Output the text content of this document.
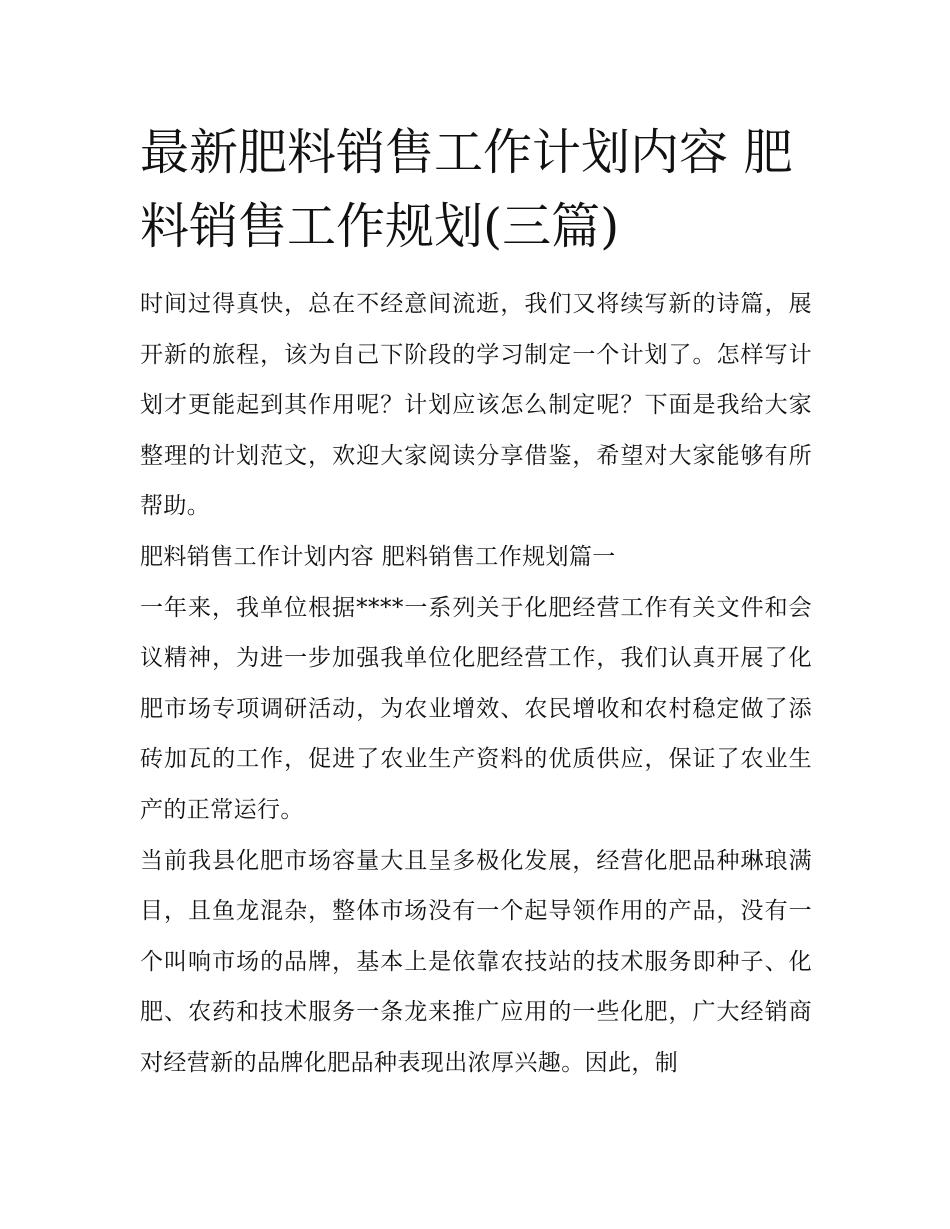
最新肥料销售工作计划内容 肥料销售工作规划(三篇)

时间过得真快，总在不经意间流逝，我们又将续写新的诗篇，展开新的旅程，该为自己下阶段的学习制定一个计划了。怎样写计划才更能起到其作用呢？计划应该怎么制定呢？下面是我给大家整理的计划范文，欢迎大家阅读分享借鉴，希望对大家能够有所帮助。

肥料销售工作计划内容 肥料销售工作规划篇一

一年来，我单位根据****一系列关于化肥经营工作有关文件和会议精神，为进一步加强我单位化肥经营工作，我们认真开展了化肥市场专项调研活动，为农业增效、农民增收和农村稳定做了添砖加瓦的工作，促进了农业生产资料的优质供应，保证了农业生产的正常运行。

当前我县化肥市场容量大且呈多极化发展，经营化肥品种琳琅满目，且鱼龙混杂，整体市场没有一个起导领作用的产品，没有一个叫响市场的品牌，基本上是依靠农技站的技术服务即种子、化肥、农药和技术服务一条龙来推广应用的一些化肥，广大经销商对经营新的品牌化肥品种表现出浓厚兴趣。因此，制
